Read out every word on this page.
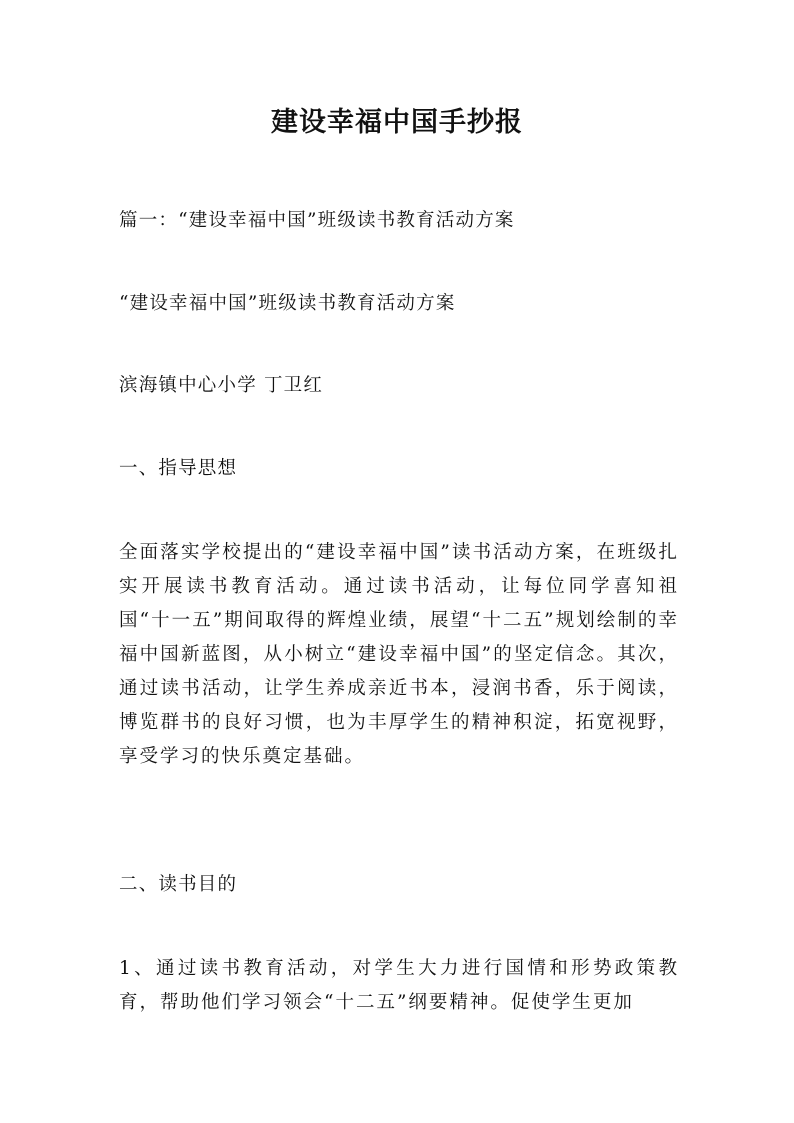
建设幸福中国手抄报
篇一：“建设幸福中国”班级读书教育活动方案
“建设幸福中国”班级读书教育活动方案
滨海镇中心小学 丁卫红
一、指导思想
全面落实学校提出的“建设幸福中国”读书活动方案，在班级扎实开展读书教育活动。通过读书活动，让每位同学喜知祖国“十一五”期间取得的辉煌业绩，展望“十二五”规划绘制的幸福中国新蓝图，从小树立“建设幸福中国”的坚定信念。其次，通过读书活动，让学生养成亲近书本，浸润书香，乐于阅读，博览群书的良好习惯，也为丰厚学生的精神积淀，拓宽视野，享受学习的快乐奠定基础。
二、读书目的
1、通过读书教育活动，对学生大力进行国情和形势政策教育，帮助他们学习领会“十二五”纲要精神。促使学生更加
